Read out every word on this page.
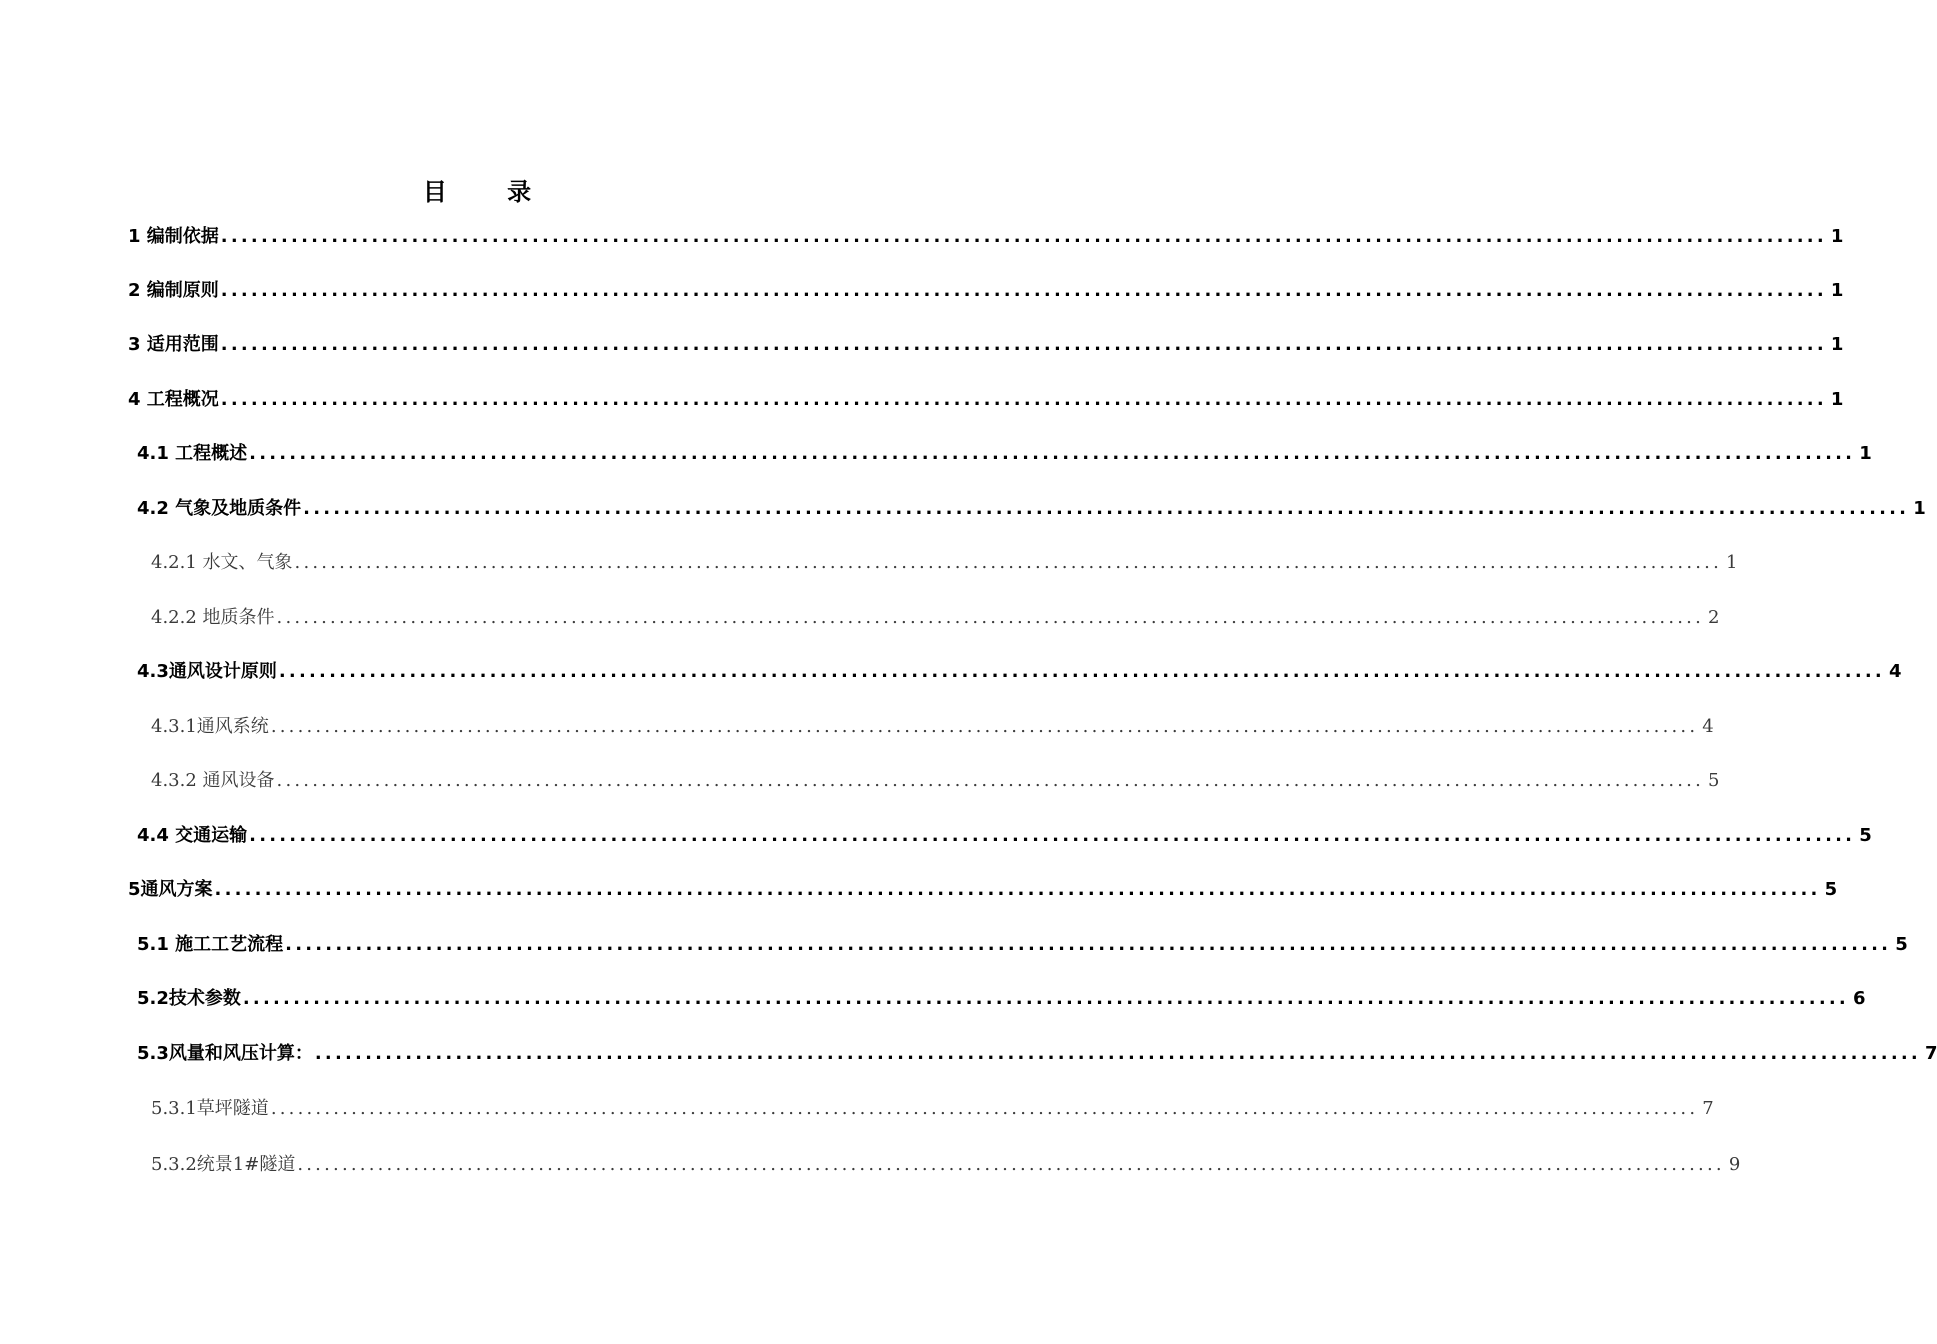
目 录
1 编制依据 ................................................................................................................................................................ 1
2 编制原则 ................................................................................................................................................................ 1
3 适用范围 ................................................................................................................................................................ 1
4 工程概况 ................................................................................................................................................................ 1
4.1 工程概述 ................................................................................................................................................................ 1
4.2 气象及地质条件 ................................................................................................................................................................ 1
4.2.1 水文、气象 ................................................................................................................................................................ 1
4.2.2 地质条件 ................................................................................................................................................................ 2
4.3通风设计原则 ................................................................................................................................................................ 4
4.3.1通风系统 ................................................................................................................................................................ 4
4.3.2 通风设备 ................................................................................................................................................................ 5
4.4 交通运输 ................................................................................................................................................................ 5
5通风方案 ................................................................................................................................................................ 5
5.1 施工工艺流程 ................................................................................................................................................................ 5
5.2技术参数 ................................................................................................................................................................ 6
5.3风量和风压计算： ................................................................................................................................................................ 7
5.3.1草坪隧道 ................................................................................................................................................................ 7
5.3.2统景1#隧道 ................................................................................................................................................................ 9
